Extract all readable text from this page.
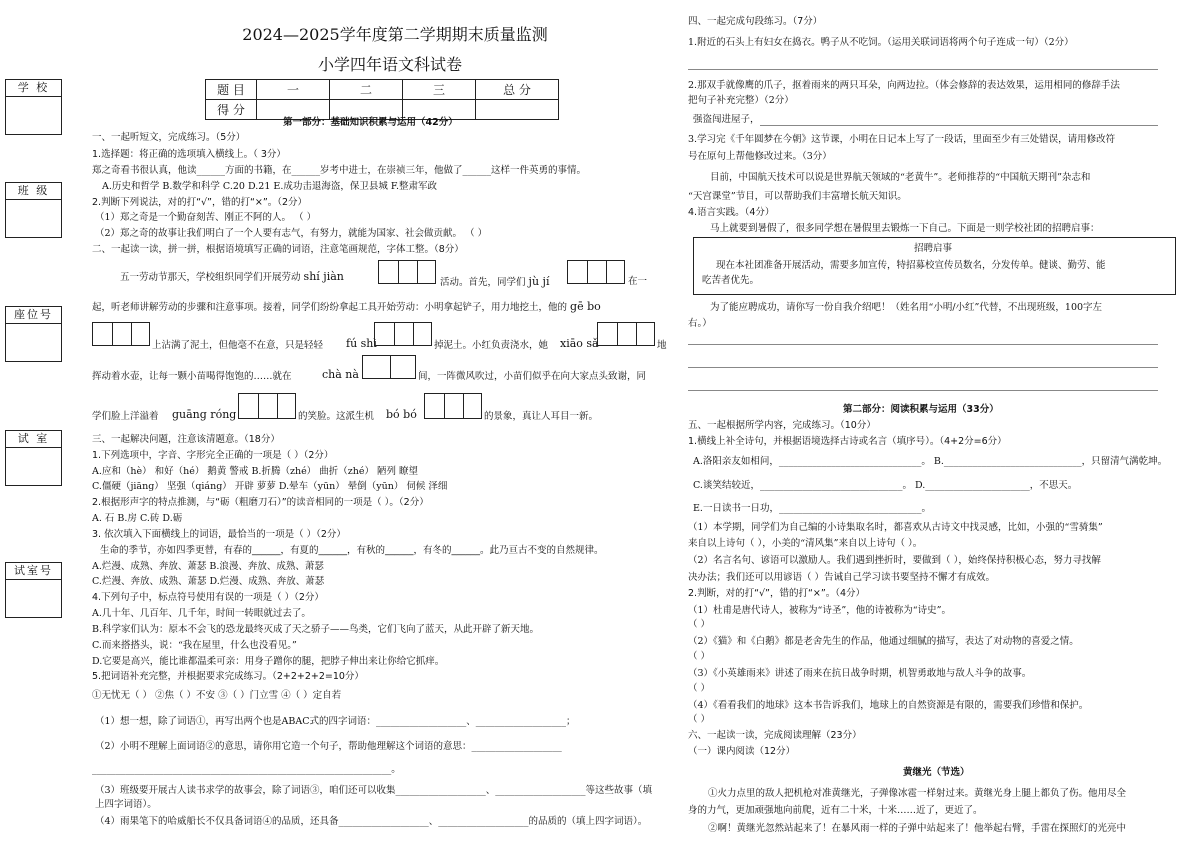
2024—2025学年度第二学期期末质量监测
小学四年语文科试卷
学 校
班 级
座位号
试 室
试室号
题 目	一	二	三	总 分
得 分				
第一部分：基础知识积累与运用（42分）
一、一起听短文，完成练习。（5分）
1.选择题：将正确的选项填入横线上。（ 3分）
郑之奇看书很认真，他读______方面的书籍，在______岁考中进士，在崇祯三年，他做了______这样一件英勇的事情。
A.历史和哲学 B.数学和科学 C.20 D.21 E.成功击退海盗，保卫县城 F.整肃军政
2.判断下列说法，对的打“√”，错的打“×”。（2分）
（1）郑之奇是一个勤奋刻苦、刚正不阿的人。 （ ）
（2）郑之奇的故事让我们明白了一个人要有志气，有努力，就能为国家、社会做贡献。 （ ）
二、一起读一读，拼一拼，根据语境填写正确的词语，注意笔画规范，字体工整。（8分）
五一劳动节那天，学校组织同学们开展劳动 shí jiàn	活动。首先，同学们 jù jí	在一
起，听老师讲解劳动的步骤和注意事项。接着，同学们纷纷拿起工具开始劳动：小明拿起铲子，用力地挖土，他的 gē bo
上沾满了泥土，但他毫不在意，只是轻轻 fú shì	掉泥土。小红负责浇水，她 xiāo sǎ	地
挥动着水壶，让每一颗小苗喝得饱饱的……就在	chà nà	间，一阵微风吹过，小苗们似乎在向大家点头致谢，同
学们脸上洋溢着 guāng róng	的笑脸。这派生机 bó bó	的景象，真让人耳目一新。
三、一起解决问题，注意该清题意。（18分）
1.下列选项中，字音、字形完全正确的一项是（ ）（2分）
A.应和（hè） 和好（hé） 鹅黄 警戒 B.折腾（zhé） 曲折（zhé） 陋列 瞭望
C.僵硬（jiāng） 坚强（qiáng） 开辟 萝萝 D.晕车（yūn） 晕倒（yūn） 伺候 泽细
2.根据形声字的特点推测，与“砺（粗磨刀石）”的读音相同的一项是（ ）。（2分）
A. 石 B.房 C.砖 D.砺
3. 依次填入下面横线上的词语，最恰当的一项是（ ）（2分）
生命的季节，亦如四季更替，有春的______，有夏的______，有秋的______，有冬的______。此乃亘古不变的自然规律。
A.烂漫、成熟、奔放、萧瑟 B.浪漫、奔放、成熟、萧瑟
C.烂漫、奔放、成熟、萧瑟 D.烂漫、成熟、奔放、萧瑟
4.下列句子中，标点符号使用有误的一项是（ ）（2分）
A.几十年、几百年、几千年，时间一转眼就过去了。
B.科学家们认为：原本不会飞的恐龙最终灭成了天之骄子——鸟类，它们飞向了蓝天，从此开辟了新天地。
C.而来搭搭头，说：“我在屋里，什么也没看见。”
D.它要是高兴，能比谁都温柔可亲：用身子蹭你的腿，把脖子伸出来让你给它抓痒。
5.把词语补充完整，并根据要求完成练习。（2+2+2+2=10分）
①无忧无（ ） ②焦（ ）不安 ③（ ）门立雪 ④（ ）定自若
（1）想一想，除了词语①，再写出两个也是ABAC式的四字词语：___________________、___________________；
（2）小明不理解上面词语②的意思，请你用它造一个句子，帮助他理解这个词语的意思：___________________
_______________________________________________________________。
（3）班级要开展古人读书求学的故事会，除了词语③，咱们还可以收集___________________、___________________等这些故事（填
上四字词语）。
（4）雨果笔下的哈威船长不仅具备词语④的品质，还具备___________________、___________________的品质的（填上四字词语）。
四、一起完成句段练习。（7分）
1.附近的石头上有妇女在捣衣。鸭子从不吃饲。（运用关联词语将两个句子连成一句）（2分）
2.那双手就像鹰的爪子，抠着雨来的两只耳朵，向两边拉。（体会修辞的表达效果，运用相同的修辞手法
把句子补充完整）（2分）
强盗闯进屋子，
3.学习完《千年圆梦在今朝》这节课，小明在日记本上写了一段话，里面至少有三处错误，请用修改符
号在原句上帮他修改过来。（3分）
目前，中国航天技术可以说是世界航天领域的“老黄牛”。老师推荐的“中国航天期刊”杂志和
“天宫课堂”节目，可以帮助我们丰富增长航天知识。
4.语言实践。（4分）
马上就要到暑假了，很多同学想在暑假里去锻炼一下自己。下面是一则学校社团的招聘启事：
招聘启事
现在本社团准备开展活动，需要多加宣传，特招募校宣传员数名，分发传单。健谈、勤劳、能
吃苦者优先。
为了能应聘成功，请你写一份自我介绍吧！（姓名用“小明/小红”代替，不出现班级，100字左
右。）
第二部分：阅读积累与运用（33分）
五、一起根据所学内容，完成练习。（10分）
1.横线上补全诗句，并根据语境选择古诗或名言（填序号）。（4+2分=6分）
A.洛阳亲友如相问，______________________________。 B._____________________________，只留清气满乾坤。
C.谈笑结较近，______________________________。 D.______________________，不思天。
E.一日读书一日功，______________________________。
（1）本学期，同学们为自己编的小诗集取名时，都喜欢从古诗文中找灵感，比如，小强的“雪骑集”
来自以上诗句（ ），小美的“清风集”来自以上诗句（ ）。
（2）名言名句、谚语可以激励人。我们遇到挫折时，要做到（ ），始终保持积极心态，努力寻找解
决办法；我们还可以用谚语（ ）告诫自己学习读书要坚持不懈才有成效。
2.判断，对的打“√”，错的打“×”。（4分）
（1）杜甫是唐代诗人，被称为“诗圣”，他的诗被称为“诗史”。
（ ）
（2）《猫》和《白鹅》都是老舍先生的作品，他通过细腻的描写，表达了对动物的喜爱之情。
（ ）
（3）《小英雄雨来》讲述了雨来在抗日战争时期，机智勇敢地与敌人斗争的故事。
（ ）
（4）《看看我们的地球》这本书告诉我们，地球上的自然资源是有限的，需要我们珍惜和保护。
（ ）
六、一起读一读，完成阅读理解（23分）
（一）课内阅读（12分）
黄继光（节选）
①火力点里的敌人把机枪对准黄继光，子弹像冰雹一样射过来。黄继光身上腿上都负了伤。他用尽全
身的力气，更加顽强地向前爬，近有二十米，十米……近了，更近了。
②啊！黄继光忽然站起来了！在暴风雨一样的子弹中站起来了！他举起右臂，手雷在探照灯的光亮中
